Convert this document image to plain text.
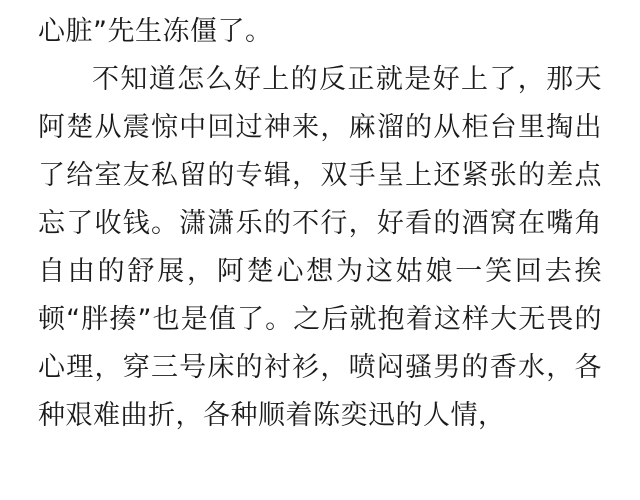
心脏”先生冻僵了。

不知道怎么好上的反正就是好上了，那天阿楚从震惊中回过神来，麻溜的从柜台里掏出了给室友私留的专辑，双手呈上还紧张的差点忘了收钱。潇潇乐的不行，好看的酒窝在嘴角自由的舒展，阿楚心想为这姑娘一笑回去挨顿“胖揍”也是值了。之后就抱着这样大无畏的心理，穿三号床的衬衫，喷闷骚男的香水，各种艰难曲折，各种顺着陈奕迅的人情，
